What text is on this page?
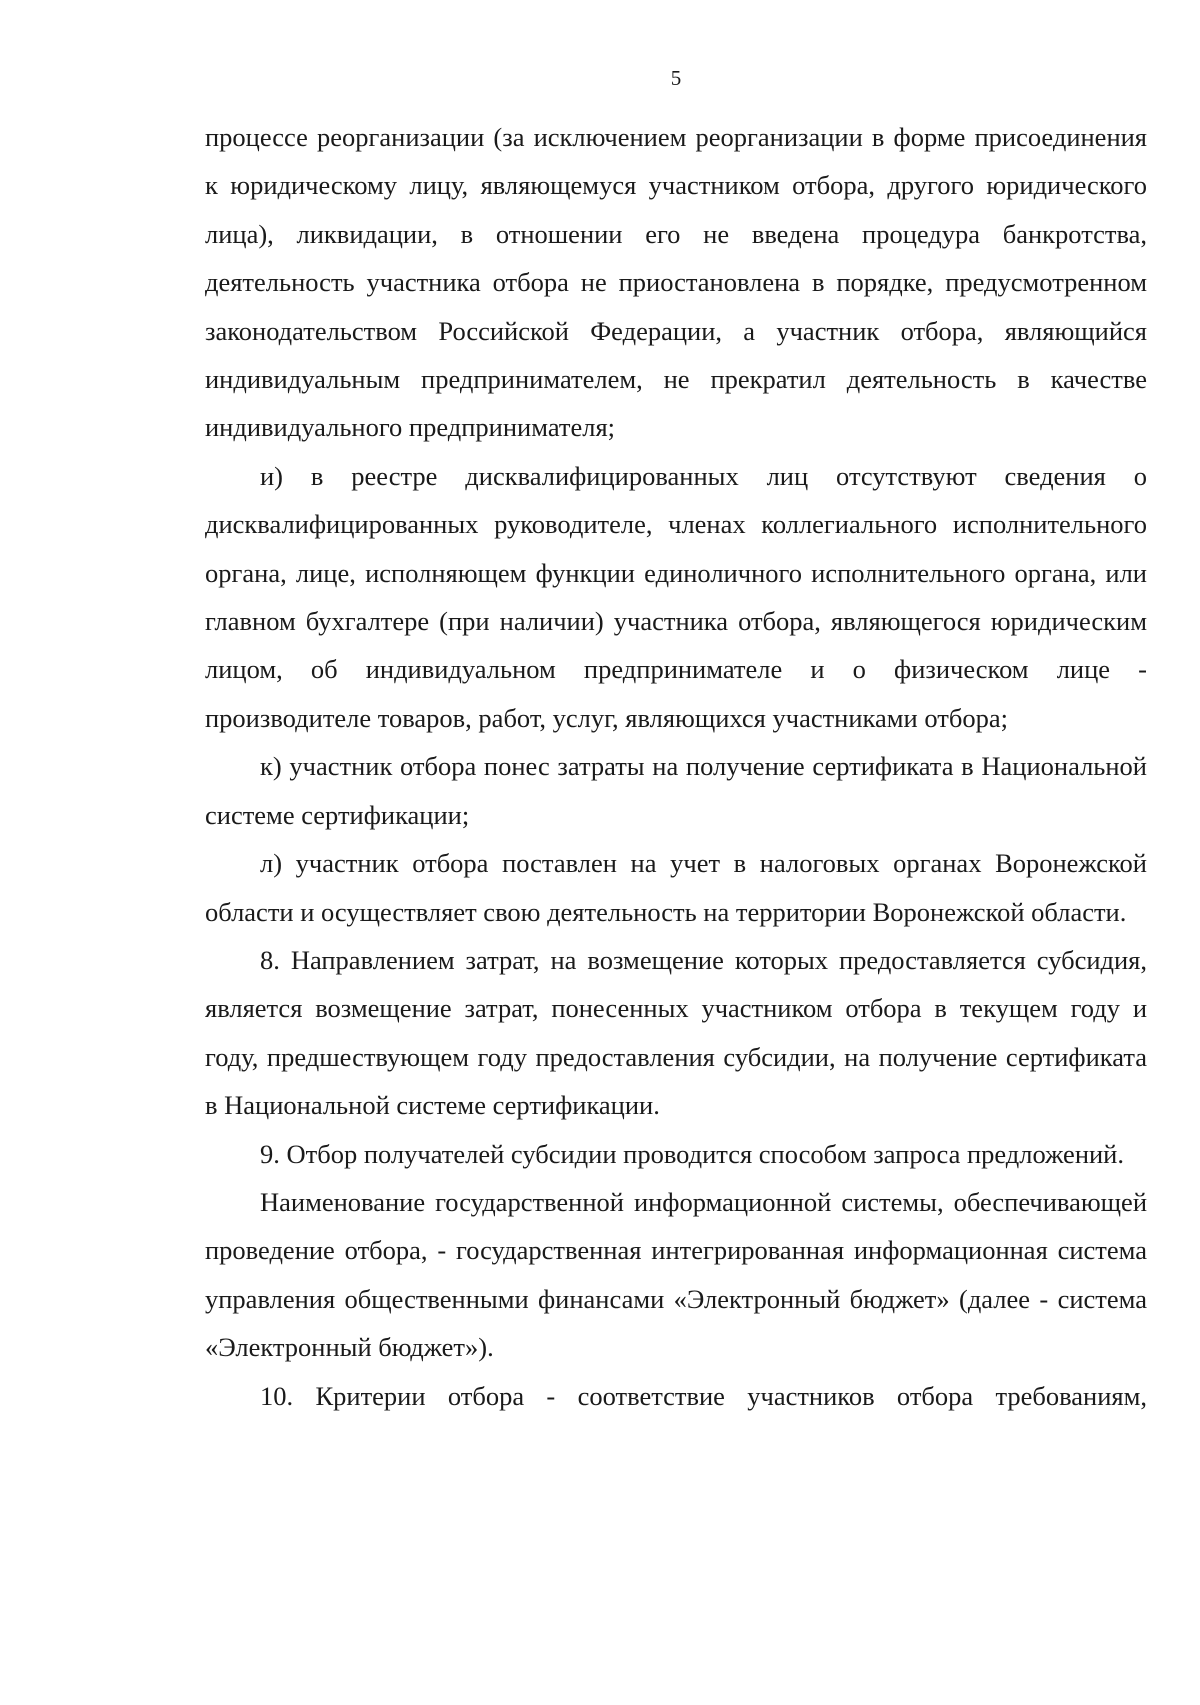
5

процессе реорганизации (за исключением реорганизации в форме присоединения к юридическому лицу, являющемуся участником отбора, другого юридического лица), ликвидации, в отношении его не введена процедура банкротства, деятельность участника отбора не приостановлена в порядке, предусмотренном законодательством Российской Федерации, а участник отбора, являющийся индивидуальным предпринимателем, не прекратил деятельность в качестве индивидуального предпринимателя;

и) в реестре дисквалифицированных лиц отсутствуют сведения о дисквалифицированных руководителе, членах коллегиального исполнительного органа, лице, исполняющем функции единоличного исполнительного органа, или главном бухгалтере (при наличии) участника отбора, являющегося юридическим лицом, об индивидуальном предпринимателе и о физическом лице - производителе товаров, работ, услуг, являющихся участниками отбора;

к) участник отбора понес затраты на получение сертификата в Национальной системе сертификации;

л) участник отбора поставлен на учет в налоговых органах Воронежской области и осуществляет свою деятельность на территории Воронежской области.

8. Направлением затрат, на возмещение которых предоставляется субсидия, является возмещение затрат, понесенных участником отбора в текущем году и году, предшествующем году предоставления субсидии, на получение сертификата в Национальной системе сертификации.

9. Отбор получателей субсидии проводится способом запроса предложений.

Наименование государственной информационной системы, обеспечивающей проведение отбора, - государственная интегрированная информационная система управления общественными финансами «Электронный бюджет» (далее - система «Электронный бюджет»).

10. Критерии отбора - соответствие участников отбора требованиям,
